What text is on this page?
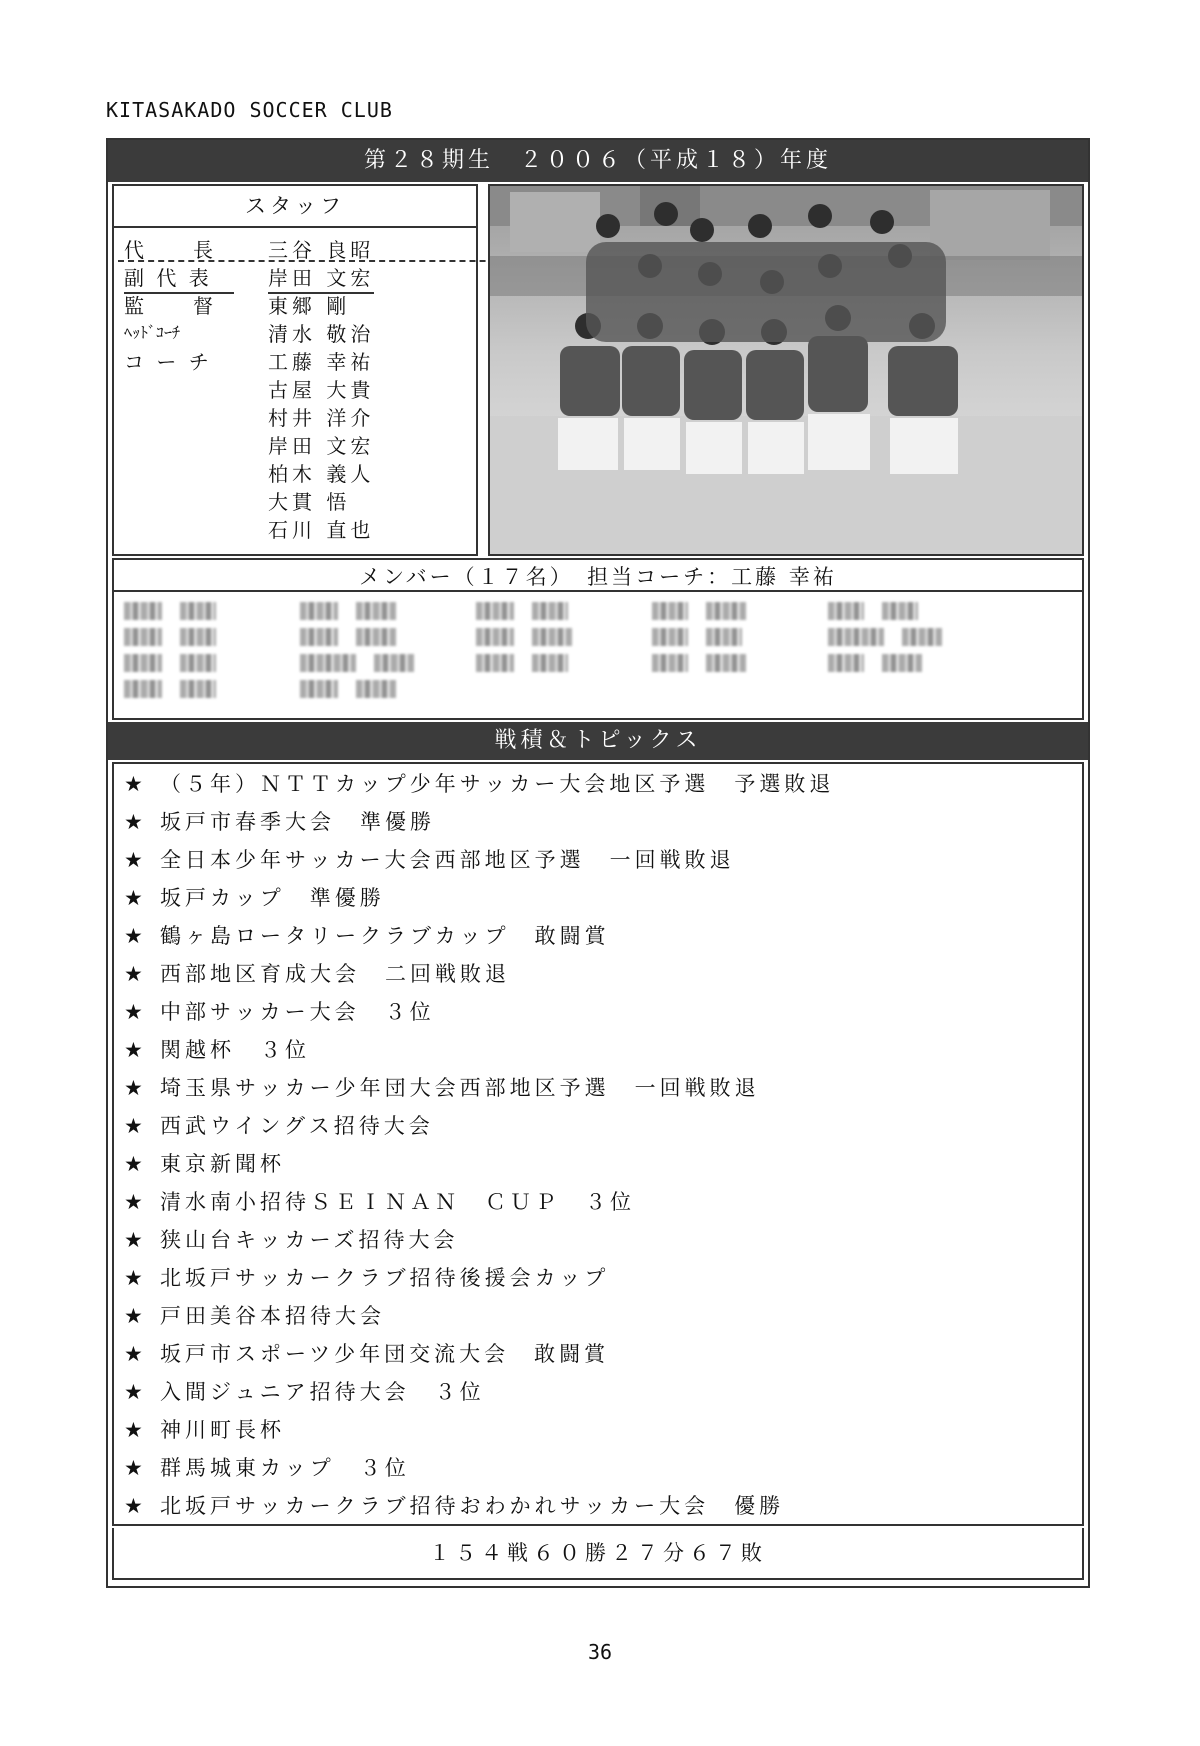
KITASAKADO SOCCER CLUB
第２８期生　２００６（平成１８）年度
スタッフ
代　　長	三谷 良昭
副 代 表	岸田 文宏
監　　督	東郷 剛
ﾍｯﾄﾞｺｰﾁ	清水 敬治
コ ー チ	工藤 幸祐
古屋 大貴
村井 洋介
岸田 文宏
柏木 義人
大貫 悟
石川 直也
メンバー（１７名）　担当コーチ：工藤 幸祐
戦積＆トピックス
★ （５年）ＮＴＴカップ少年サッカー大会地区予選　予選敗退
★ 坂戸市春季大会　準優勝
★ 全日本少年サッカー大会西部地区予選　一回戦敗退
★ 坂戸カップ　準優勝
★ 鶴ヶ島ロータリークラブカップ　敢闘賞
★ 西部地区育成大会　二回戦敗退
★ 中部サッカー大会　３位
★ 関越杯　３位
★ 埼玉県サッカー少年団大会西部地区予選　一回戦敗退
★ 西武ウイングス招待大会
★ 東京新聞杯
★ 清水南小招待ＳＥＩＮＡＮ　ＣＵＰ　３位
★ 狭山台キッカーズ招待大会
★ 北坂戸サッカークラブ招待後援会カップ
★ 戸田美谷本招待大会
★ 坂戸市スポーツ少年団交流大会　敢闘賞
★ 入間ジュニア招待大会　３位
★ 神川町長杯
★ 群馬城東カップ　３位
★ 北坂戸サッカークラブ招待おわかれサッカー大会　優勝
１５４戦６０勝２７分６７敗
36
